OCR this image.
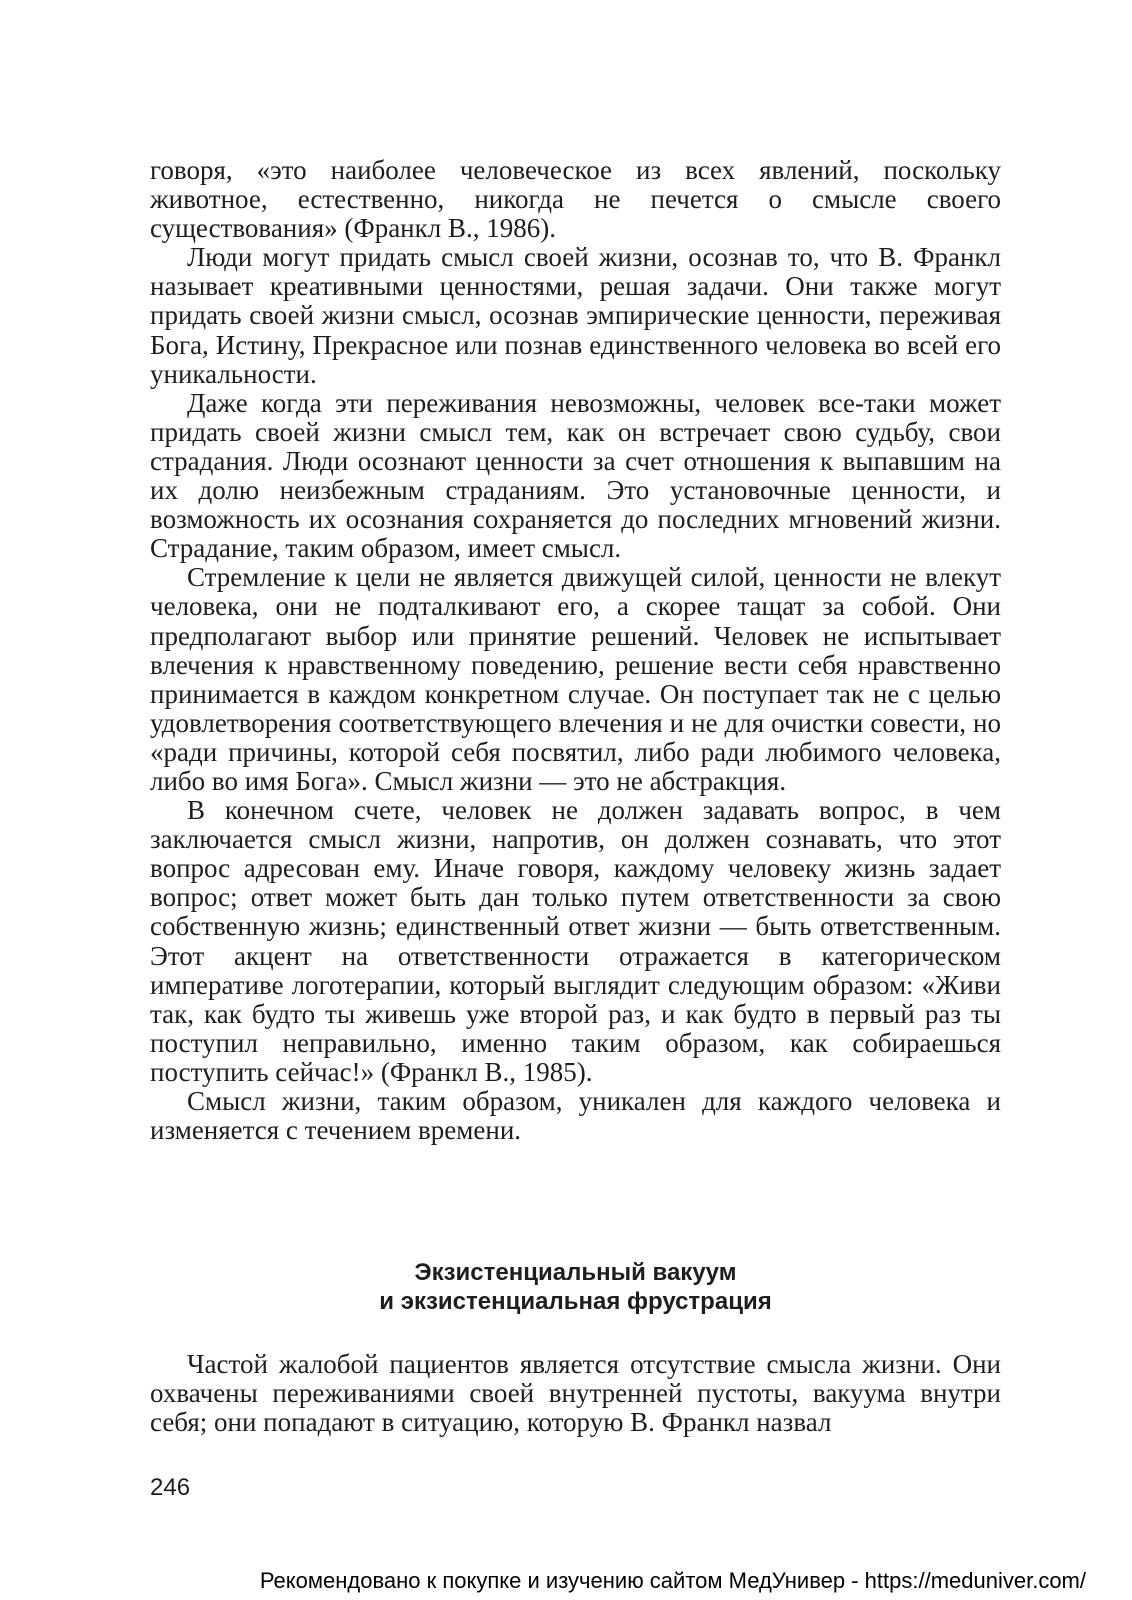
говоря, «это наиболее человеческое из всех явлений, поскольку животное, естественно, никогда не печется о смысле своего существования» (Франкл В., 1986).

Люди могут придать смысл своей жизни, осознав то, что В. Франкл называет креативными ценностями, решая задачи. Они также могут придать своей жизни смысл, осознав эмпирические ценности, переживая Бога, Истину, Прекрасное или познав единственного человека во всей его уникальности.

Даже когда эти переживания невозможны, человек все-таки может придать своей жизни смысл тем, как он встречает свою судьбу, свои страдания. Люди осознают ценности за счет отношения к выпавшим на их долю неизбежным страданиям. Это установочные ценности, и возможность их осознания сохраняется до последних мгновений жизни. Страдание, таким образом, имеет смысл.

Стремление к цели не является движущей силой, ценности не влекут человека, они не подталкивают его, а скорее тащат за собой. Они предполагают выбор или принятие решений. Человек не испытывает влечения к нравственному поведению, решение вести себя нравственно принимается в каждом конкретном случае. Он поступает так не с целью удовлетворения соответствующего влечения и не для очистки совести, но «ради причины, которой себя посвятил, либо ради любимого человека, либо во имя Бога». Смысл жизни — это не абстракция.

В конечном счете, человек не должен задавать вопрос, в чем заключается смысл жизни, напротив, он должен сознавать, что этот вопрос адресован ему. Иначе говоря, каждому человеку жизнь задает вопрос; ответ может быть дан только путем ответственности за свою собственную жизнь; единственный ответ жизни — быть ответственным. Этот акцент на ответственности отражается в категорическом императиве логотерапии, который выглядит следующим образом: «Живи так, как будто ты живешь уже второй раз, и как будто в первый раз ты поступил неправильно, именно таким образом, как собираешься поступить сейчас!» (Франкл В., 1985).

Смысл жизни, таким образом, уникален для каждого человека и изменяется с течением времени.

Экзистенциальный вакуум
и экзистенциальная фрустрация

Частой жалобой пациентов является отсутствие смысла жизни. Они охвачены переживаниями своей внутренней пустоты, вакуума внутри себя; они попадают в ситуацию, которую В. Франкл назвал

246
Рекомендовано к покупке и изучению сайтом МедУнивер - https://meduniver.com/
